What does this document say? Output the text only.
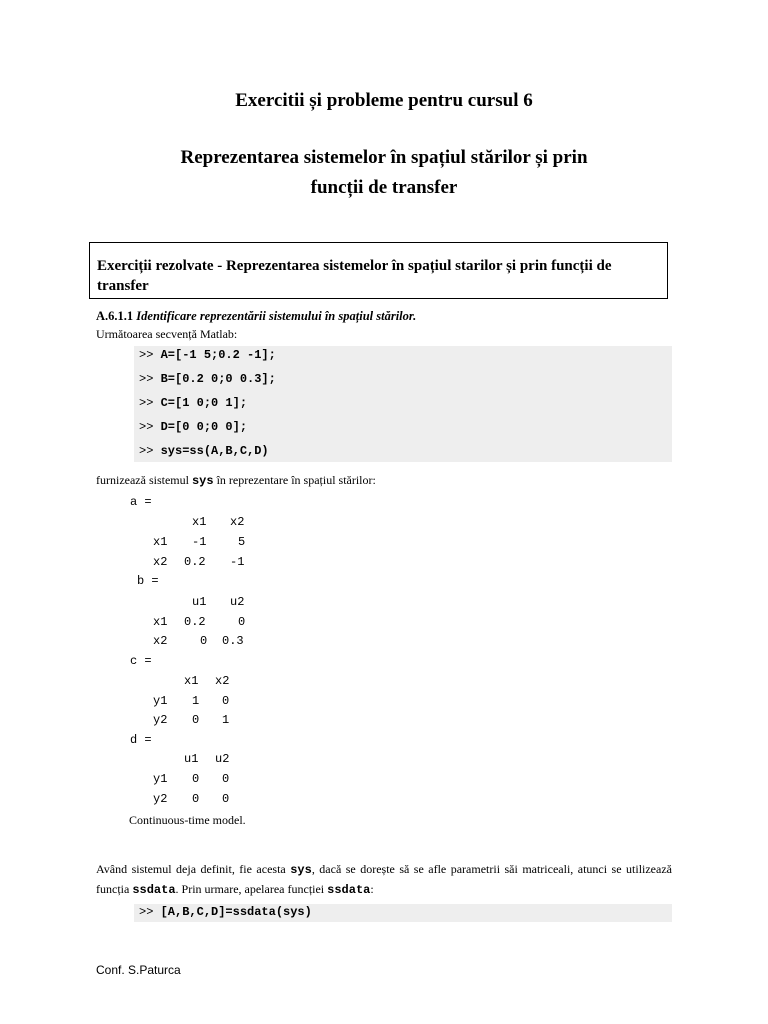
Exercitii și probleme pentru cursul 6
Reprezentarea sistemelor în spațiul stărilor și prin
funcții de transfer
Exerciții rezolvate - Reprezentarea sistemelor în spațiul starilor și prin funcții de transfer
A.6.1.1 Identificare reprezentării sistemului în spațiul stărilor.
Următoarea secvență Matlab:
>> A=[-1 5;0.2 -1];
>> B=[0.2 0;0 0.3];
>> C=[1 0;0 1];
>> D=[0 0;0 0];
>> sys=ss(A,B,C,D)
furnizează sistemul sys în reprezentare în spațiul stărilor:
a =
x1 x2
x1 -1	5
x2 0.2 -1
b =
u1 u2
x1 0.2	0
x2	0 0.3
c =
x1 x2
y1 1 0
y2 0 1
d =
u1 u2
y1 0 0
y2 0 0
Continuous-time model.
Având sistemul deja definit, fie acesta sys, dacă se dorește să se afle parametrii săi matriceali, atunci se utilizează funcția ssdata. Prin urmare, apelarea funcției ssdata:
>> [A,B,C,D]=ssdata(sys)
Conf. S.Paturca
